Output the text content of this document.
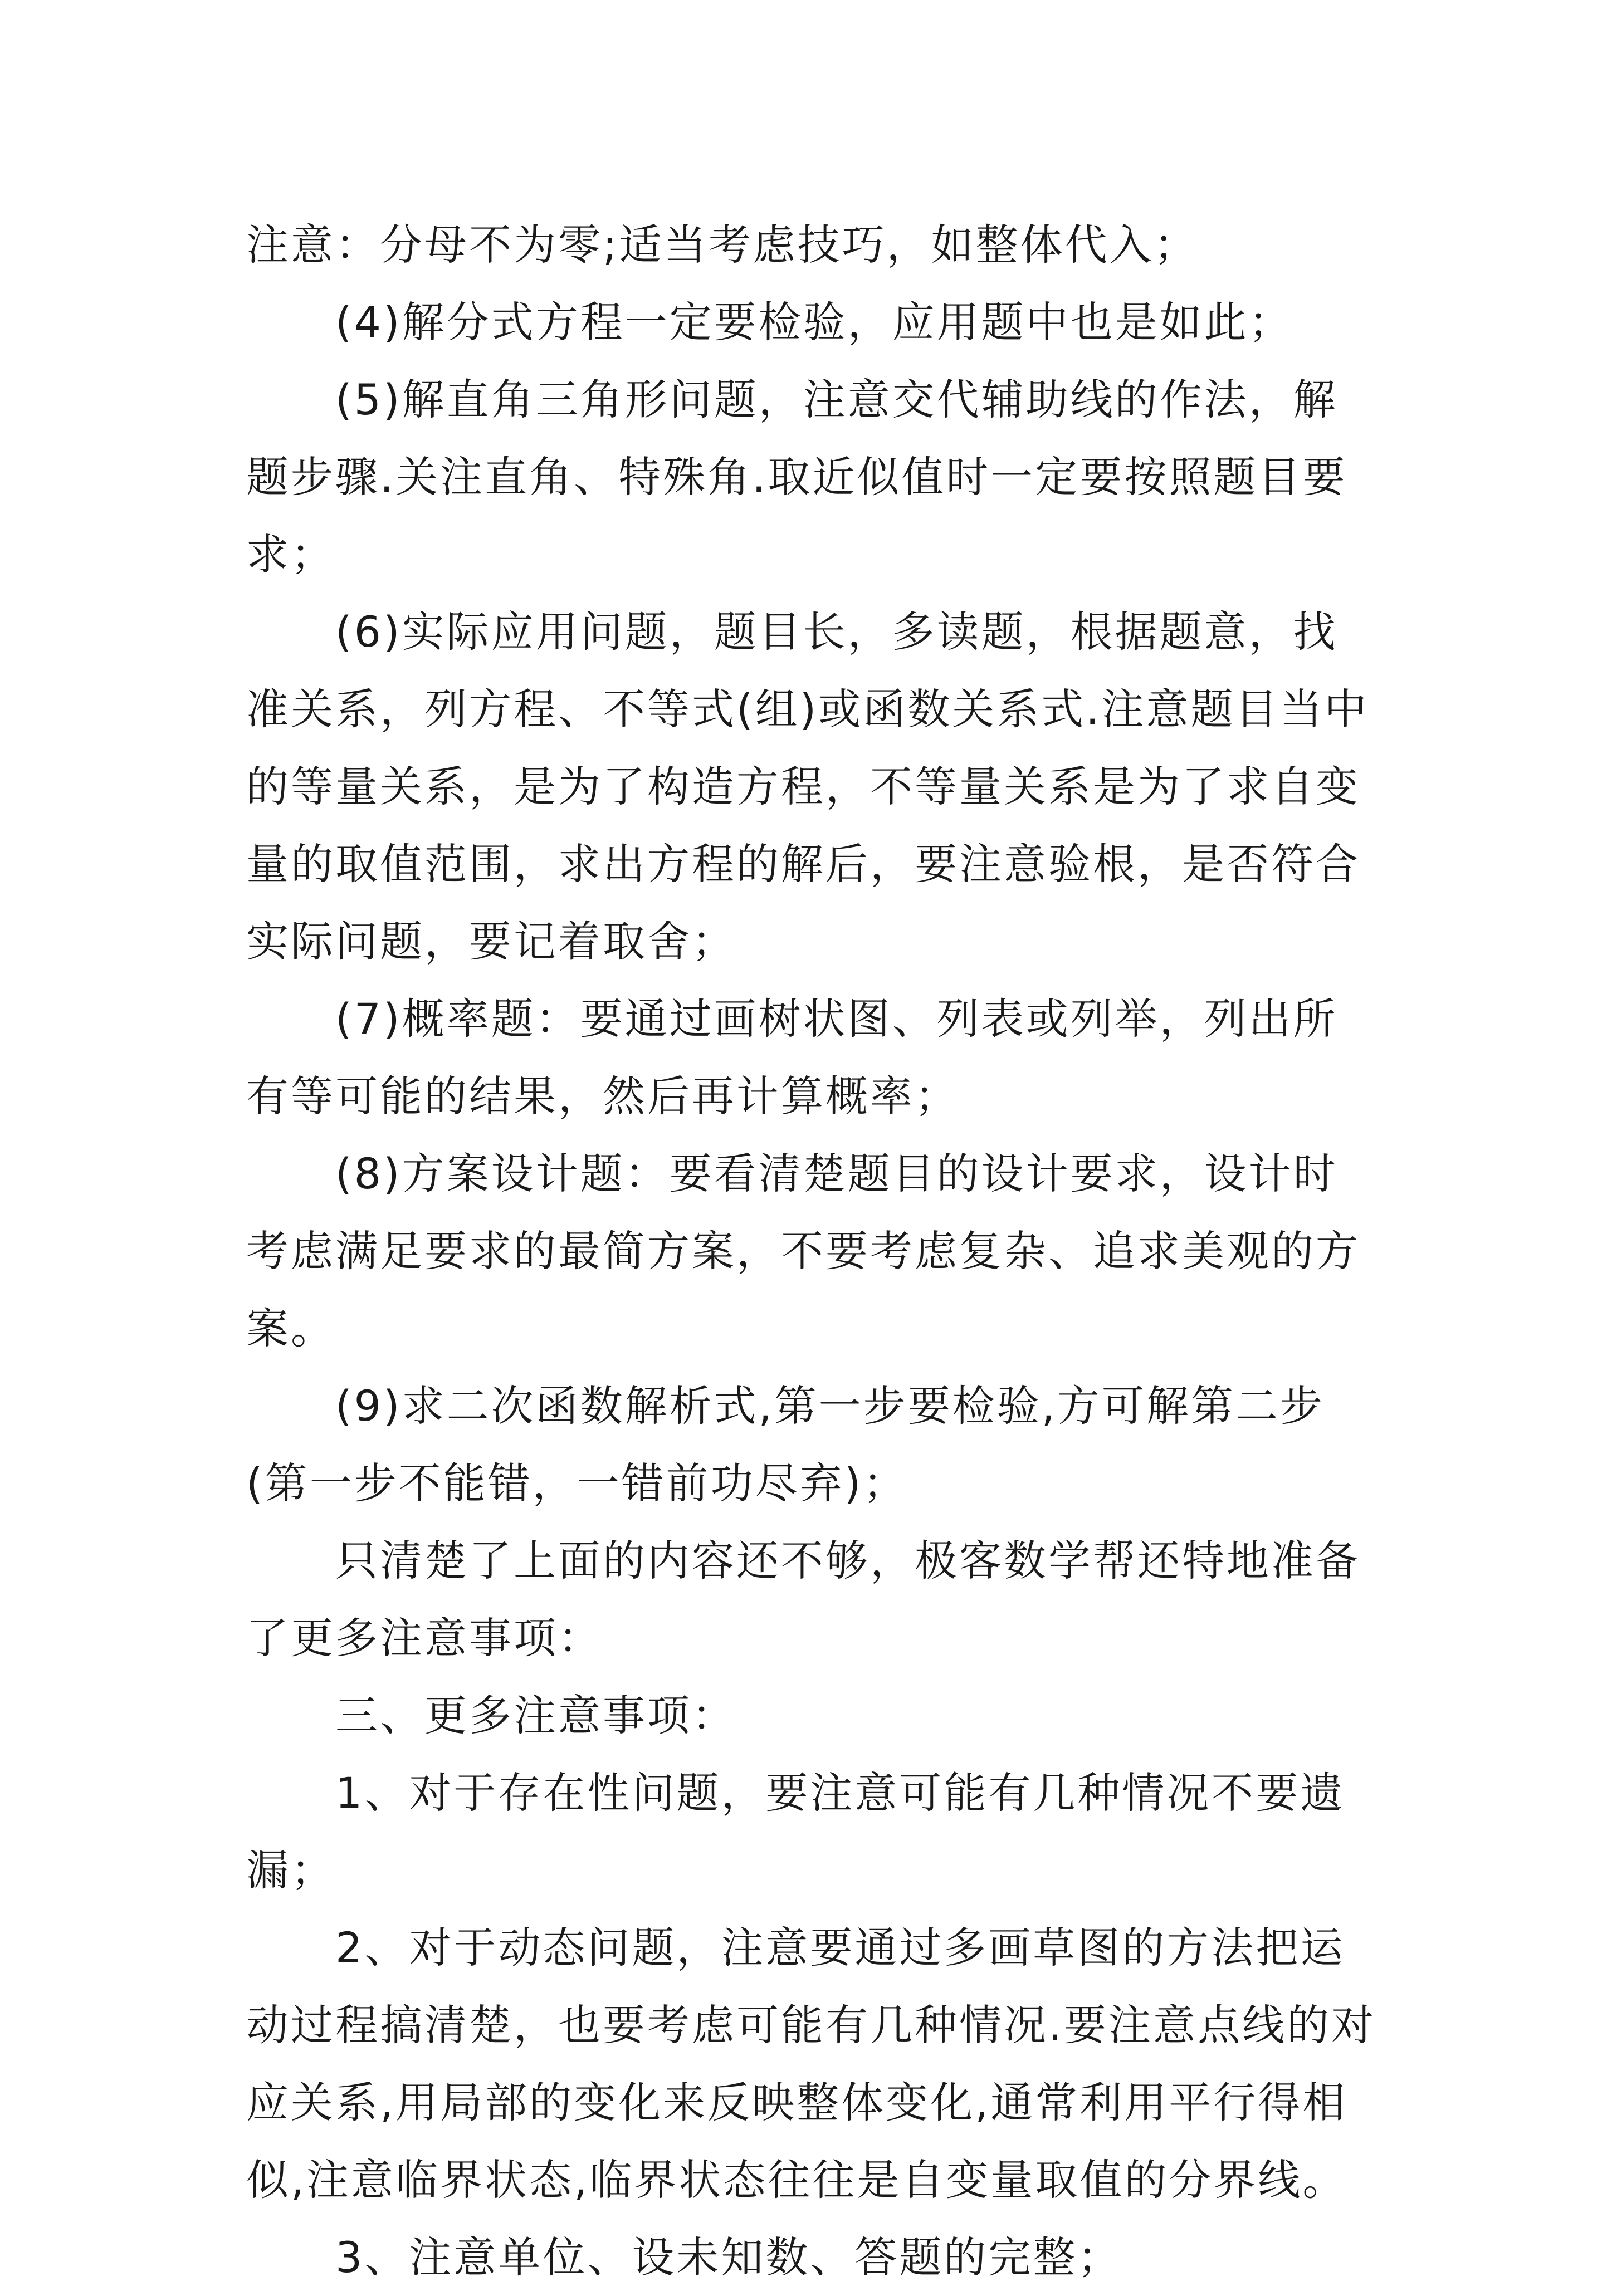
注意：分母不为零;适当考虑技巧，如整体代入；

(4)解分式方程一定要检验，应用题中也是如此；

(5)解直角三角形问题，注意交代辅助线的作法，解题步骤.关注直角、特殊角.取近似值时一定要按照题目要求；

(6)实际应用问题，题目长，多读题，根据题意，找准关系，列方程、不等式(组)或函数关系式.注意题目当中的等量关系，是为了构造方程，不等量关系是为了求自变量的取值范围，求出方程的解后，要注意验根，是否符合实际问题，要记着取舍；

(7)概率题：要通过画树状图、列表或列举，列出所有等可能的结果，然后再计算概率；

(8)方案设计题：要看清楚题目的设计要求，设计时考虑满足要求的最简方案，不要考虑复杂、追求美观的方案。

(9)求二次函数解析式,第一步要检验,方可解第二步(第一步不能错，一错前功尽弃)；

只清楚了上面的内容还不够，极客数学帮还特地准备了更多注意事项：

三、更多注意事项：

1、对于存在性问题，要注意可能有几种情况不要遗漏；

2、对于动态问题，注意要通过多画草图的方法把运动过程搞清楚，也要考虑可能有几种情况.要注意点线的对应关系,用局部的变化来反映整体变化,通常利用平行得相似,注意临界状态,临界状态往往是自变量取值的分界线。

3、注意单位、设未知数、答题的完整；
